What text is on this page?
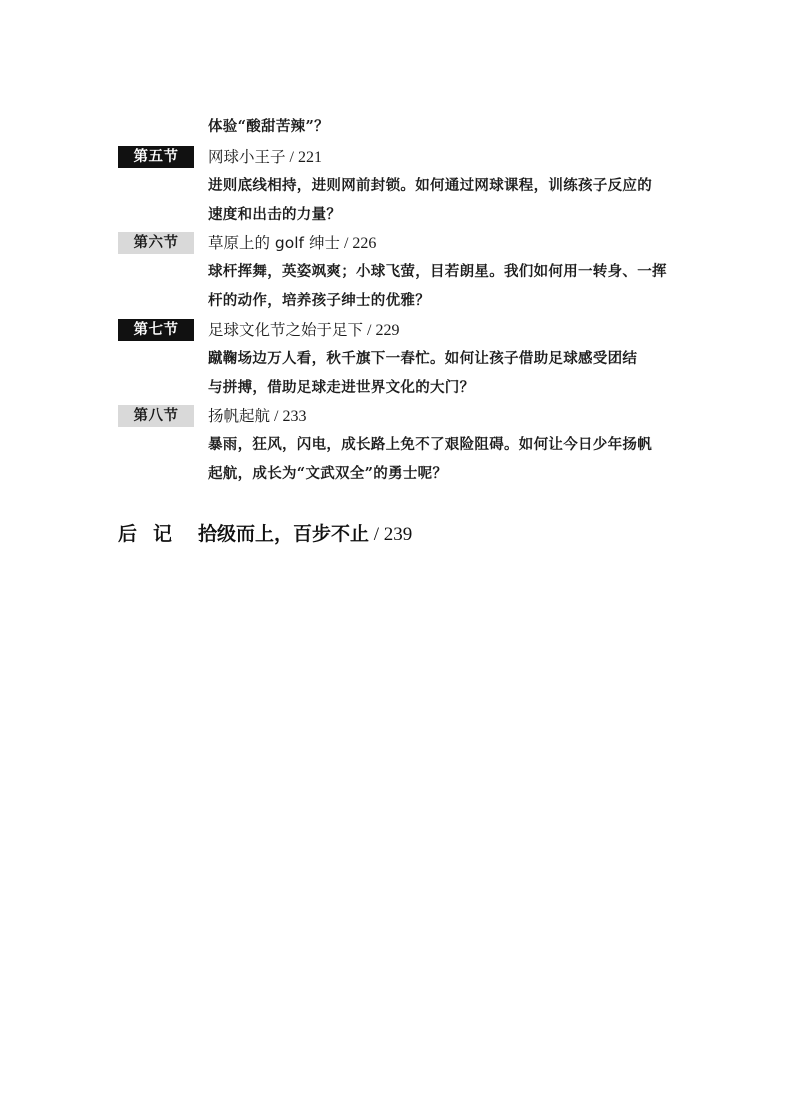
体验“酸甜苦辣”？
第五节	网球小王子 / 221
进则底线相持，进则网前封锁。如何通过网球课程，训练孩子反应的
速度和出击的力量？
第六节	草原上的 golf 绅士 / 226
球杆挥舞，英姿飒爽；小球飞萤，目若朗星。我们如何用一转身、一挥
杆的动作，培养孩子绅士的优雅？
第七节	足球文化节之始于足下 / 229
蹴鞠场边万人看，秋千旗下一春忙。如何让孩子借助足球感受团结
与拼搏，借助足球走进世界文化的大门？
第八节	扬帆起航 / 233
暴雨，狂风，闪电，成长路上免不了艰险阻碍。如何让今日少年扬帆
起航，成长为“文武双全”的勇士呢？
后记 拾级而上，百步不止 / 239
